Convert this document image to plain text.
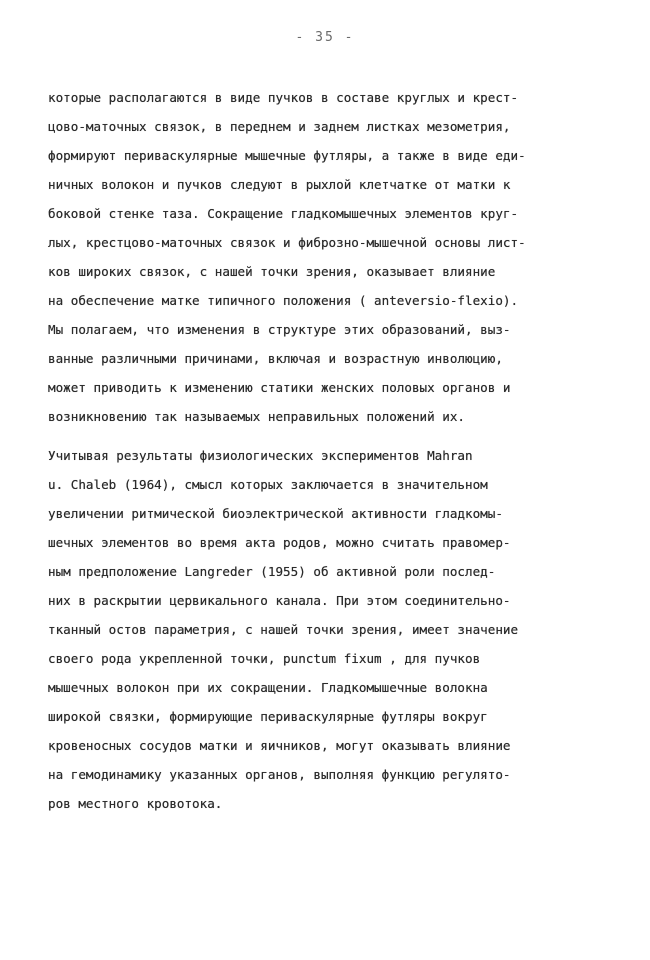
- 35 -
которые располагаются в виде пучков в составе круглых и крест-
цово-маточных связок, в переднем и заднем листках мезометрия,
формируют периваскулярные мышечные футляры, а также в виде еди-
ничных волокон и пучков следуют в рыхлой клетчатке от матки к
боковой стенке таза. Сокращение гладкомышечных элементов круг-
лых, крестцово-маточных связок и фиброзно-мышечной основы лист-
ков широких связок, с нашей точки зрения, оказывает влияние
на обеспечение матке типичного положения ( anteversio-flexio).
Мы полагаем, что изменения в структуре этих образований, выз-
ванные различными причинами, включая и возрастную инволюцию,
может приводить к изменению статики женских половых органов и
возникновению так называемых неправильных положений их.
Учитывая результаты физиологических экспериментов Mahran
u. Chaleb (1964), смысл которых заключается в значительном
увеличении ритмической биоэлектрической активности гладкомы-
шечных элементов во время акта родов, можно считать правомер-
ным предположение Langreder (1955) об активной роли послед-
них в раскрытии цервикального канала. При этом соединительно-
тканный остов параметрия, с нашей точки зрения, имеет значение
своего рода укрепленной точки, punctum fixum , для пучков
мышечных волокон при их сокращении. Гладкомышечные волокна
широкой связки, формирующие периваскулярные футляры вокруг
кровеносных сосудов матки и яичников, могут оказывать влияние
на гемодинамику указанных органов, выполняя функцию регулято-
ров местного кровотока.
